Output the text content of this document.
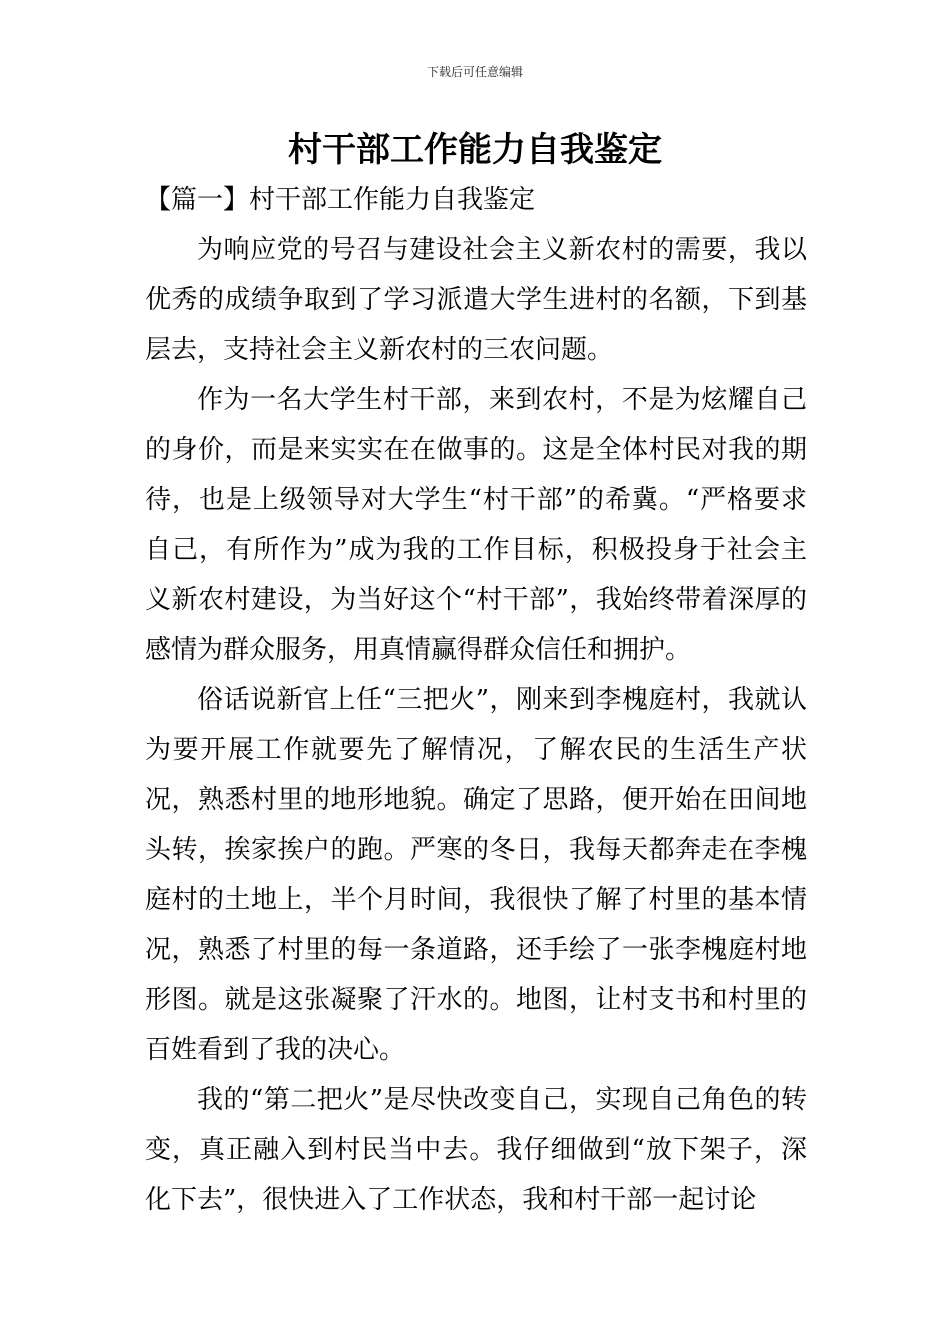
下载后可任意编辑
村干部工作能力自我鉴定
【篇一】村干部工作能力自我鉴定

为响应党的号召与建设社会主义新农村的需要，我以优秀的成绩争取到了学习派遣大学生进村的名额，下到基层去，支持社会主义新农村的三农问题。

作为一名大学生村干部，来到农村，不是为炫耀自己的身价，而是来实实在在做事的。这是全体村民对我的期待，也是上级领导对大学生“村干部”的希冀。“严格要求自己，有所作为”成为我的工作目标，积极投身于社会主义新农村建设，为当好这个“村干部”，我始终带着深厚的感情为群众服务，用真情赢得群众信任和拥护。

俗话说新官上任“三把火”，刚来到李槐庭村，我就认为要开展工作就要先了解情况，了解农民的生活生产状况，熟悉村里的地形地貌。确定了思路，便开始在田间地头转，挨家挨户的跑。严寒的冬日，我每天都奔走在李槐庭村的土地上，半个月时间，我很快了解了村里的基本情况，熟悉了村里的每一条道路，还手绘了一张李槐庭村地形图。就是这张凝聚了汗水的。地图，让村支书和村里的百姓看到了我的决心。

我的“第二把火”是尽快改变自己，实现自己角色的转变，真正融入到村民当中去。我仔细做到“放下架子，深化下去”，很快进入了工作状态，我和村干部一起讨论
